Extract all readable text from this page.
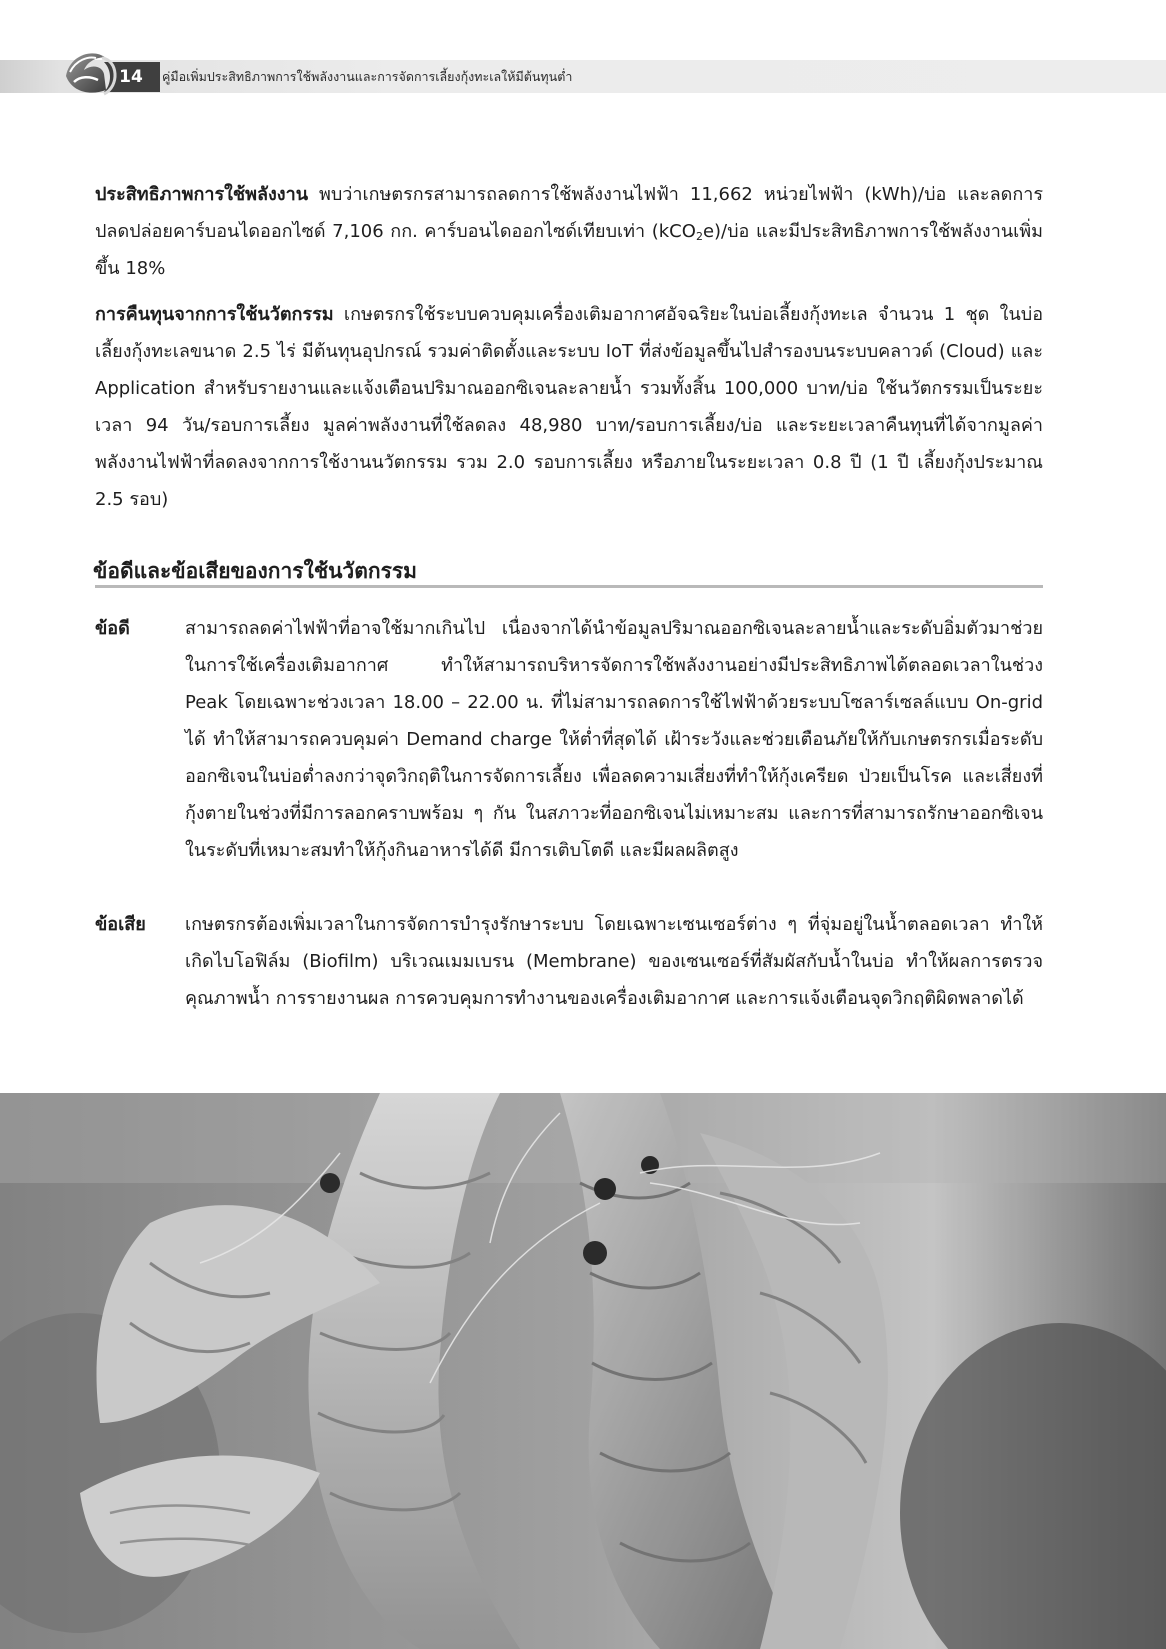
14	คู่มือเพิ่มประสิทธิภาพการใช้พลังงานและการจัดการเลี้ยงกุ้งทะเลให้มีต้นทุนต่ำ

ประสิทธิภาพการใช้พลังงาน พบว่าเกษตรกรสามารถลดการใช้พลังงานไฟฟ้า 11,662 หน่วยไฟฟ้า (kWh)/บ่อ และลดการปลดปล่อยคาร์บอนไดออกไซด์ 7,106 กก. คาร์บอนไดออกไซด์เทียบเท่า (kCO$_2$e)/บ่อ และมีประสิทธิภาพการใช้พลังงานเพิ่มขึ้น 18%

การคืนทุนจากการใช้นวัตกรรม เกษตรกรใช้ระบบควบคุมเครื่องเติมอากาศอัจฉริยะในบ่อเลี้ยงกุ้งทะเล จำนวน 1 ชุด ในบ่อเลี้ยงกุ้งทะเลขนาด 2.5 ไร่ มีต้นทุนอุปกรณ์ รวมค่าติดตั้งและระบบ IoT ที่ส่งข้อมูลขึ้นไปสำรองบนระบบคลาวด์ (Cloud) และ Application สำหรับรายงานและแจ้งเตือนปริมาณออกซิเจนละลายน้ำ รวมทั้งสิ้น 100,000 บาท/บ่อ ใช้นวัตกรรมเป็นระยะเวลา 94 วัน/รอบการเลี้ยง มูลค่าพลังงานที่ใช้ลดลง 48,980 บาท/รอบการเลี้ยง/บ่อ และระยะเวลาคืนทุนที่ได้จากมูลค่าพลังงานไฟฟ้าที่ลดลงจากการใช้งานนวัตกรรม รวม 2.0 รอบการเลี้ยง หรือภายในระยะเวลา 0.8 ปี (1 ปี เลี้ยงกุ้งประมาณ 2.5 รอบ)

ข้อดีและข้อเสียของการใช้นวัตกรรม
ข้อดี	สามารถลดค่าไฟฟ้าที่อาจใช้มากเกินไป เนื่องจากได้นำข้อมูลปริมาณออกซิเจนละลายน้ำและระดับอิ่มตัวมาช่วยในการใช้เครื่องเติมอากาศ ทำให้สามารถบริหารจัดการใช้พลังงานอย่างมีประสิทธิภาพได้ตลอดเวลาในช่วง Peak โดยเฉพาะช่วงเวลา 18.00 – 22.00 น. ที่ไม่สามารถลดการใช้ไฟฟ้าด้วยระบบโซลาร์เซลล์แบบ On-grid ได้ ทำให้สามารถควบคุมค่า Demand charge ให้ต่ำที่สุดได้ เฝ้าระวังและช่วยเตือนภัยให้กับเกษตรกรเมื่อระดับออกซิเจนในบ่อต่ำลงกว่าจุดวิกฤติในการจัดการเลี้ยง เพื่อลดความเสี่ยงที่ทำให้กุ้งเครียด ป่วยเป็นโรค และเสี่ยงที่กุ้งตายในช่วงที่มีการลอกคราบพร้อม ๆ กัน ในสภาวะที่ออกซิเจนไม่เหมาะสม และการที่สามารถรักษาออกซิเจนในระดับที่เหมาะสมทำให้กุ้งกินอาหารได้ดี มีการเติบโตดี และมีผลผลิตสูง

ข้อเสีย เกษตรกรต้องเพิ่มเวลาในการจัดการบำรุงรักษาระบบ โดยเฉพาะเซนเซอร์ต่าง ๆ ที่จุ่มอยู่ในน้ำตลอดเวลา ทำให้เกิดไบโอฟิล์ม (Biofilm) บริเวณเมมเบรน (Membrane) ของเซนเซอร์ที่สัมผัสกับน้ำในบ่อ ทำให้ผลการตรวจคุณภาพน้ำ การรายงานผล การควบคุมการทำงานของเครื่องเติมอากาศ และการแจ้งเตือนจุดวิกฤติผิดพลาดได้
